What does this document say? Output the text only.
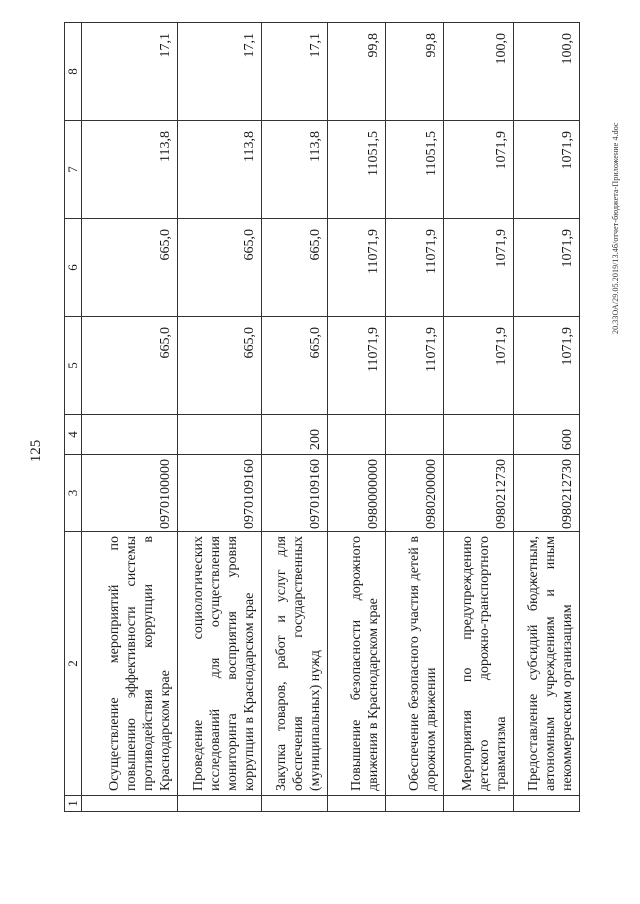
125
1	2	3	4	5	6	7	8
	Осуществление мероприятий по повышению эффективности системы противодействия коррупции в Краснодарском крае	0970100000		665,0	665,0	113,8	17,1
	Проведение социологических исследований для осуществления мониторинга восприятия уровня коррупции в Краснодарском крае	0970109160		665,0	665,0	113,8	17,1
	Закупка товаров, работ и услуг для обеспечения государственных (муниципальных) нужд	0970109160	200	665,0	665,0	113,8	17,1
	Повышение безопасности дорожного движения в Краснодарском крае	0980000000		11071,9	11071,9	11051,5	99,8
	Обеспечение безопасного участия детей в дорожном движении	0980200000		11071,9	11071,9	11051,5	99,8
	Мероприятия по предупреждению детского дорожно-транспортного травматизма	0980212730		1071,9	1071,9	1071,9	100,0
	Предоставление субсидий бюджетным, автономным учреждениям и иным некоммерческим организациям	0980212730	600	1071,9	1071,9	1071,9	100,0
20.3ЗОА/29.05.2019/13.4б/отчет-бюджета-Приложение 4.doc
